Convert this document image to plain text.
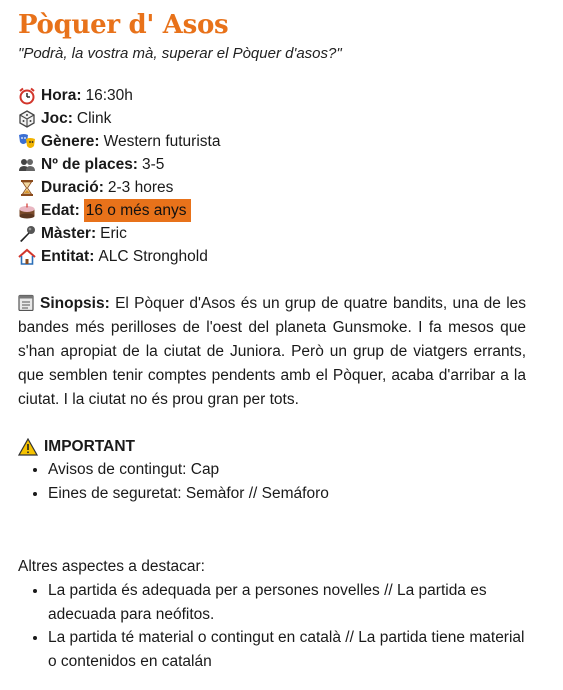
Pòquer d' Asos

"Podrà, la vostra mà, superar el Pòquer d'asos?"

Hora: 16:30h
Joc: Clink
Gènere: Western futurista
Nº de places: 3-5
Duració: 2-3 hores
Edat: 16 o més anys
Màster: Eric
Entitat: ALC Stronghold
Sinopsis: El Pòquer d'Asos és un grup de quatre bandits, una de les bandes més perilloses de l'oest del planeta Gunsmoke. I fa mesos que s'han apropiat de la ciutat de Juniora. Però un grup de viatgers errants, que semblen tenir comptes pendents amb el Pòquer, acaba d'arribar a la ciutat. I la ciutat no és prou gran per tots.
IMPORTANT
• Avisos de contingut: Cap
• Eines de seguretat: Semàfor // Semáforo
Altres aspectes a destacar:
• La partida és adequada per a persones novelles // La partida es adecuada para neófitos.
• La partida té material o contingut en català // La partida tiene material o contenidos en catalán
